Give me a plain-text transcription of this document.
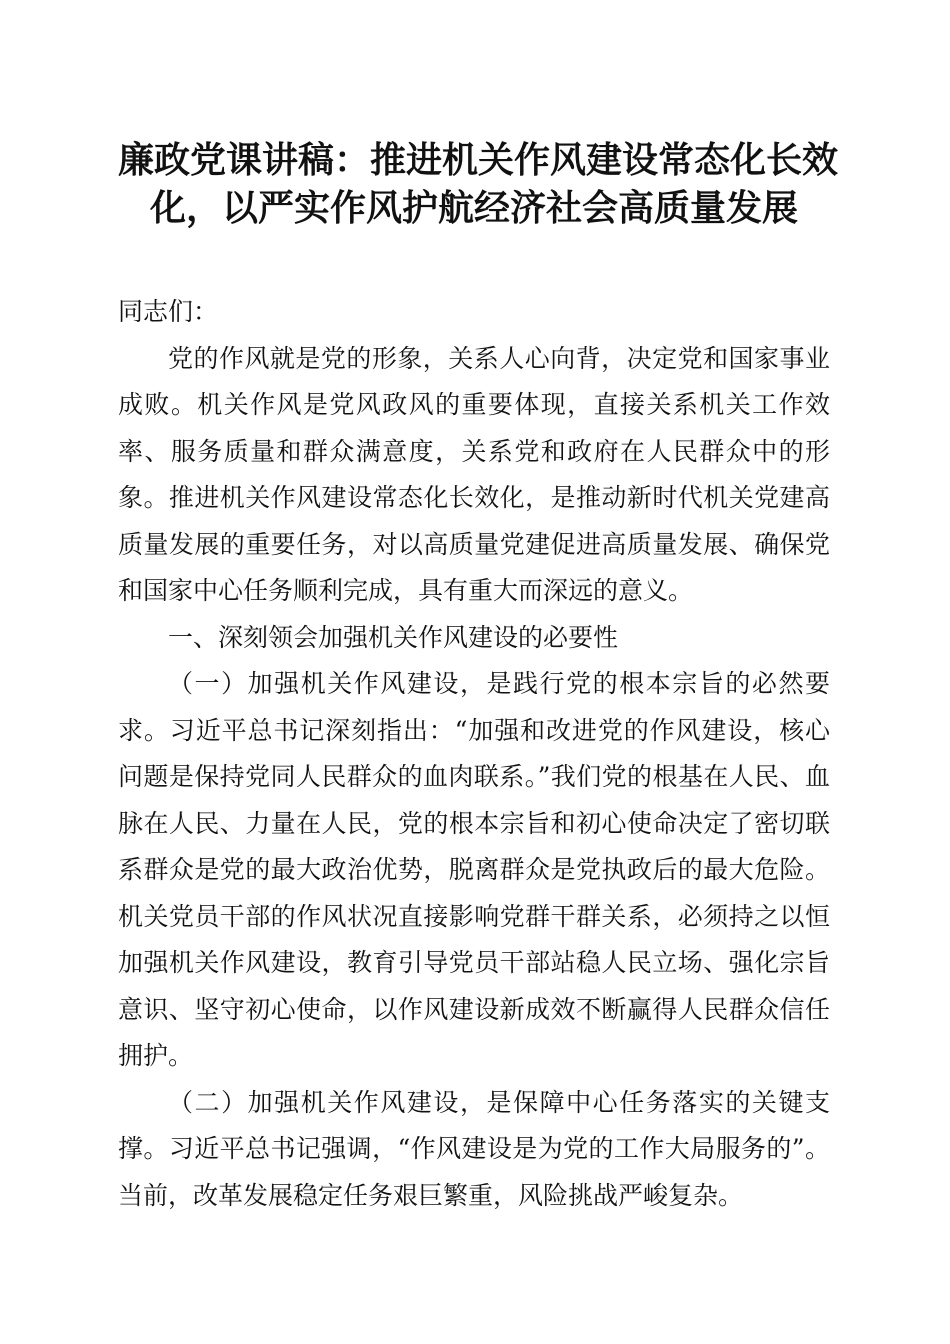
廉政党课讲稿：推进机关作风建设常态化长效
化，以严实作风护航经济社会高质量发展

同志们：

党的作风就是党的形象，关系人心向背，决定党和国家事业成败。机关作风是党风政风的重要体现，直接关系机关工作效率、服务质量和群众满意度，关系党和政府在人民群众中的形象。推进机关作风建设常态化长效化，是推动新时代机关党建高质量发展的重要任务，对以高质量党建促进高质量发展、确保党和国家中心任务顺利完成，具有重大而深远的意义。

一、深刻领会加强机关作风建设的必要性

（一）加强机关作风建设，是践行党的根本宗旨的必然要求。习近平总书记深刻指出：“加强和改进党的作风建设，核心问题是保持党同人民群众的血肉联系。”我们党的根基在人民、血脉在人民、力量在人民，党的根本宗旨和初心使命决定了密切联系群众是党的最大政治优势，脱离群众是党执政后的最大危险。机关党员干部的作风状况直接影响党群干群关系，必须持之以恒加强机关作风建设，教育引导党员干部站稳人民立场、强化宗旨意识、坚守初心使命，以作风建设新成效不断赢得人民群众信任拥护。

（二）加强机关作风建设，是保障中心任务落实的关键支撑。习近平总书记强调，“作风建设是为党的工作大局服务的”。当前，改革发展稳定任务艰巨繁重，风险挑战严峻复杂。
